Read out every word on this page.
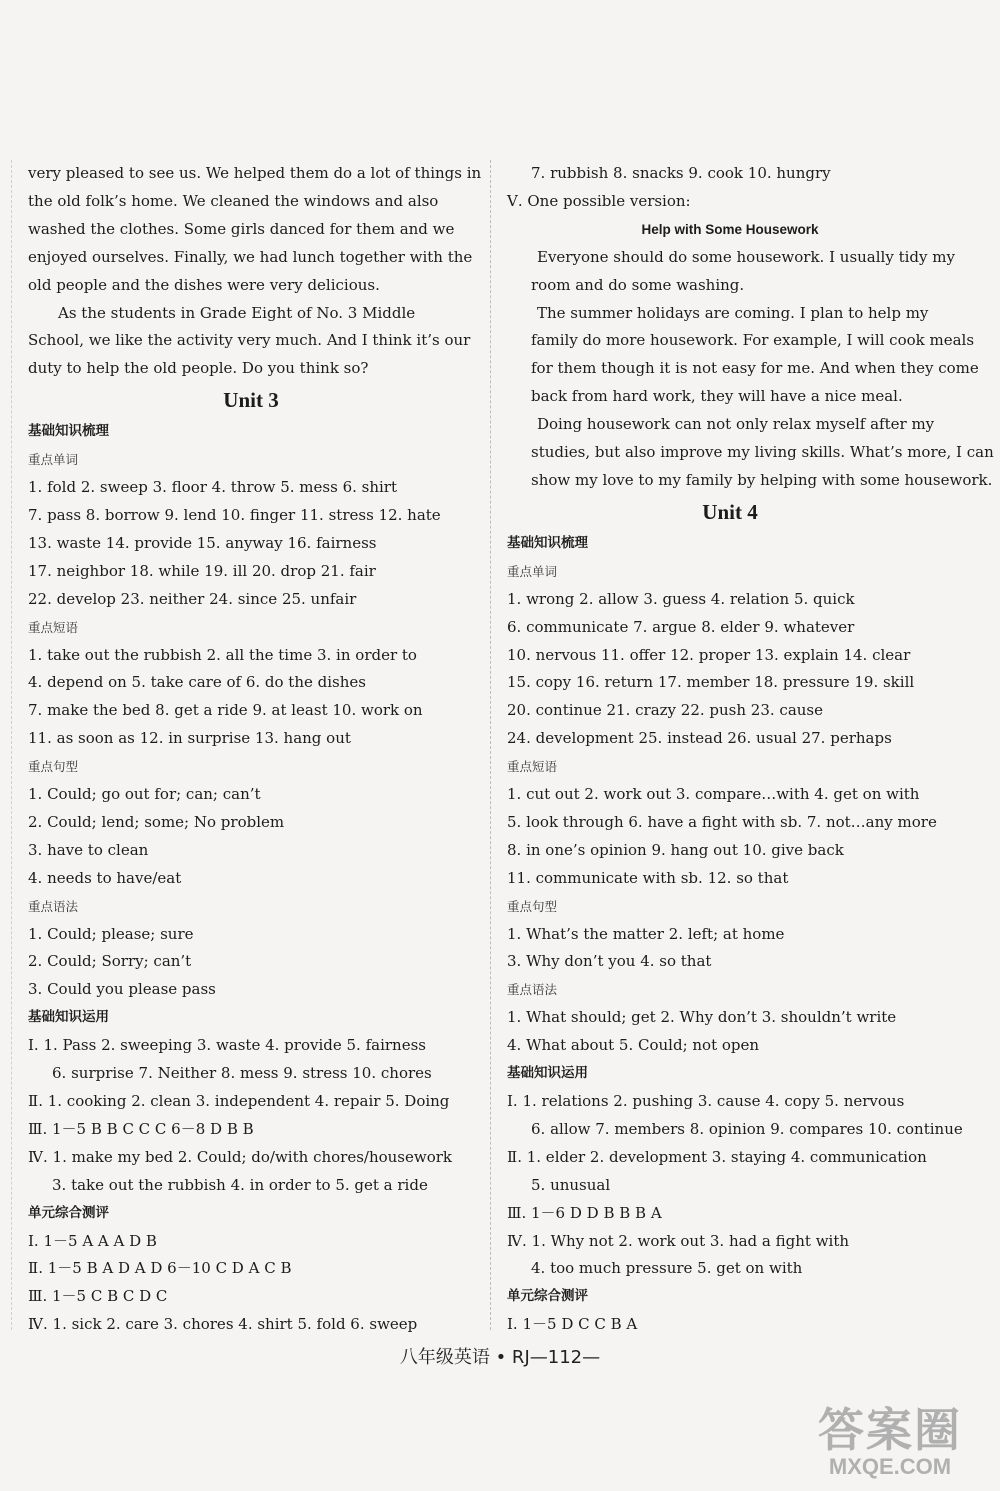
very pleased to see us. We helped them do a lot of things in
the old folk’s home. We cleaned the windows and also
washed the clothes. Some girls danced for them and we
enjoyed ourselves. Finally, we had lunch together with the
old people and the dishes were very delicious.
As the students in Grade Eight of No. 3 Middle
School, we like the activity very much. And I think it’s our
duty to help the old people. Do you think so?
Unit 3
基础知识梳理
重点单词
1. fold 2. sweep 3. floor 4. throw 5. mess 6. shirt
7. pass 8. borrow 9. lend 10. finger 11. stress 12. hate
13. waste 14. provide 15. anyway 16. fairness
17. neighbor 18. while 19. ill 20. drop 21. fair
22. develop 23. neither 24. since 25. unfair
重点短语
1. take out the rubbish 2. all the time 3. in order to
4. depend on 5. take care of 6. do the dishes
7. make the bed 8. get a ride 9. at least 10. work on
11. as soon as 12. in surprise 13. hang out
重点句型
1. Could; go out for; can; can’t
2. Could; lend; some; No problem
3. have to clean
4. needs to have/eat
重点语法
1. Could; please; sure
2. Could; Sorry; can’t
3. Could you please pass
基础知识运用
Ⅰ. 1. Pass 2. sweeping 3. waste 4. provide 5. fairness
6. surprise 7. Neither 8. mess 9. stress 10. chores
Ⅱ. 1. cooking 2. clean 3. independent 4. repair 5. Doing
Ⅲ. 1－5 B B C C C 6－8 D B B
Ⅳ. 1. make my bed 2. Could; do/with chores/housework
3. take out the rubbish 4. in order to 5. get a ride
单元综合测评
Ⅰ. 1－5 A A A D B
Ⅱ. 1－5 B A D A D 6－10 C D A C B
Ⅲ. 1－5 C B C D C
Ⅳ. 1. sick 2. care 3. chores 4. shirt 5. fold 6. sweep
7. rubbish 8. snacks 9. cook 10. hungry
Ⅴ. One possible version:
Help with Some Housework
Everyone should do some housework. I usually tidy my
room and do some washing.
The summer holidays are coming. I plan to help my
family do more housework. For example, I will cook meals
for them though it is not easy for me. And when they come
back from hard work, they will have a nice meal.
Doing housework can not only relax myself after my
studies, but also improve my living skills. What’s more, I can
show my love to my family by helping with some housework.
Unit 4
基础知识梳理
重点单词
1. wrong 2. allow 3. guess 4. relation 5. quick
6. communicate 7. argue 8. elder 9. whatever
10. nervous 11. offer 12. proper 13. explain 14. clear
15. copy 16. return 17. member 18. pressure 19. skill
20. continue 21. crazy 22. push 23. cause
24. development 25. instead 26. usual 27. perhaps
重点短语
1. cut out 2. work out 3. compare…with 4. get on with
5. look through 6. have a fight with sb. 7. not…any more
8. in one’s opinion 9. hang out 10. give back
11. communicate with sb. 12. so that
重点句型
1. What’s the matter 2. left; at home
3. Why don’t you 4. so that
重点语法
1. What should; get 2. Why don’t 3. shouldn’t write
4. What about 5. Could; not open
基础知识运用
Ⅰ. 1. relations 2. pushing 3. cause 4. copy 5. nervous
6. allow 7. members 8. opinion 9. compares 10. continue
Ⅱ. 1. elder 2. development 3. staying 4. communication
5. unusual
Ⅲ. 1－6 D D B B B A
Ⅳ. 1. Why not 2. work out 3. had a fight with
4. too much pressure 5. get on with
单元综合测评
Ⅰ. 1－5 D C C B A
八年级英语 • RJ—112—
答案圈
MXQE.COM
